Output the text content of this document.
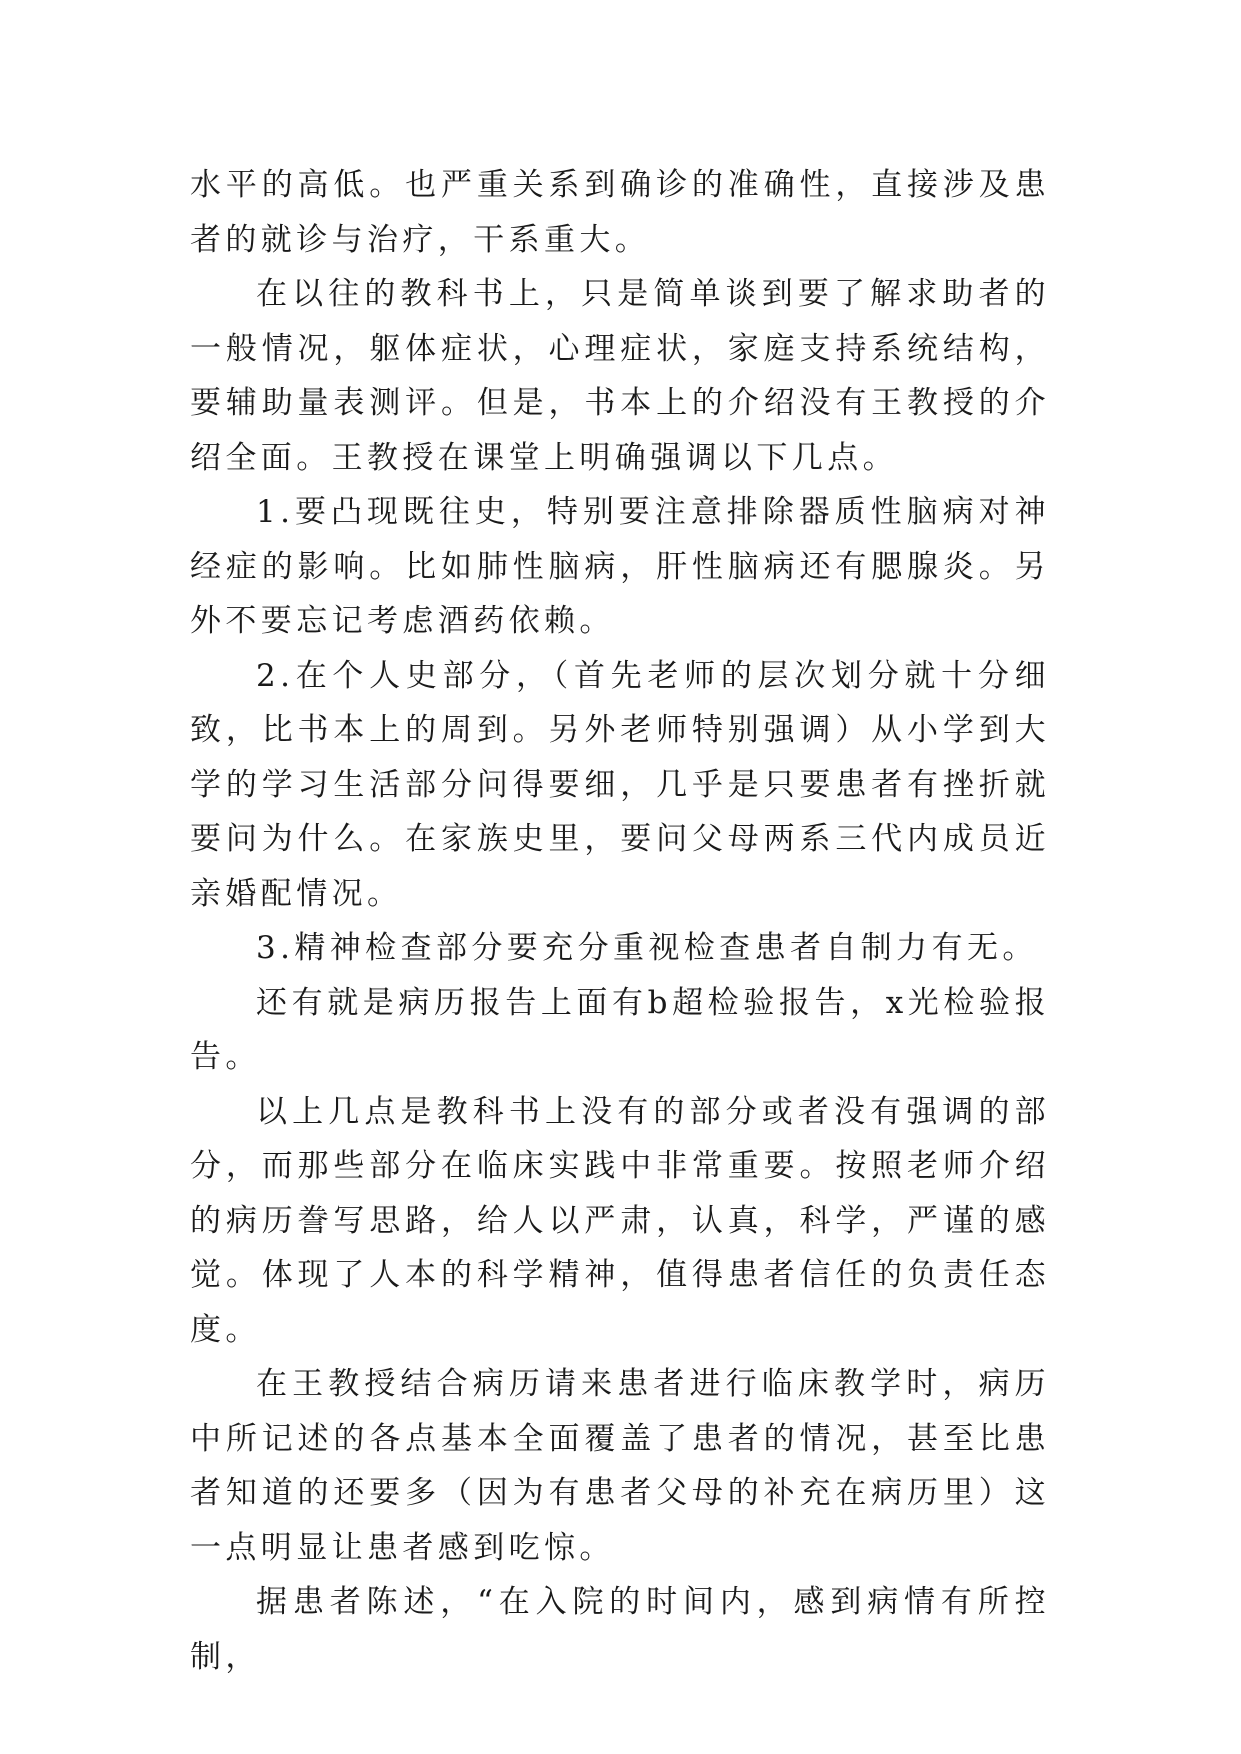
水平的高低。也严重关系到确诊的准确性，直接涉及患者的就诊与治疗，干系重大。

在以往的教科书上，只是简单谈到要了解求助者的一般情况，躯体症状，心理症状，家庭支持系统结构，要辅助量表测评。但是，书本上的介绍没有王教授的介绍全面。王教授在课堂上明确强调以下几点。

1.要凸现既往史，特别要注意排除器质性脑病对神经症的影响。比如肺性脑病，肝性脑病还有腮腺炎。另外不要忘记考虑酒药依赖。

2.在个人史部分，（首先老师的层次划分就十分细致，比书本上的周到。另外老师特别强调）从小学到大学的学习生活部分问得要细，几乎是只要患者有挫折就要问为什么。在家族史里，要问父母两系三代内成员近亲婚配情况。

3.精神检查部分要充分重视检查患者自制力有无。

还有就是病历报告上面有b超检验报告，x光检验报告。

以上几点是教科书上没有的部分或者没有强调的部分，而那些部分在临床实践中非常重要。按照老师介绍的病历誊写思路，给人以严肃，认真，科学，严谨的感觉。体现了人本的科学精神，值得患者信任的负责任态度。

在王教授结合病历请来患者进行临床教学时，病历中所记述的各点基本全面覆盖了患者的情况，甚至比患者知道的还要多（因为有患者父母的补充在病历里）这一点明显让患者感到吃惊。

据患者陈述，“在入院的时间内，感到病情有所控制，
